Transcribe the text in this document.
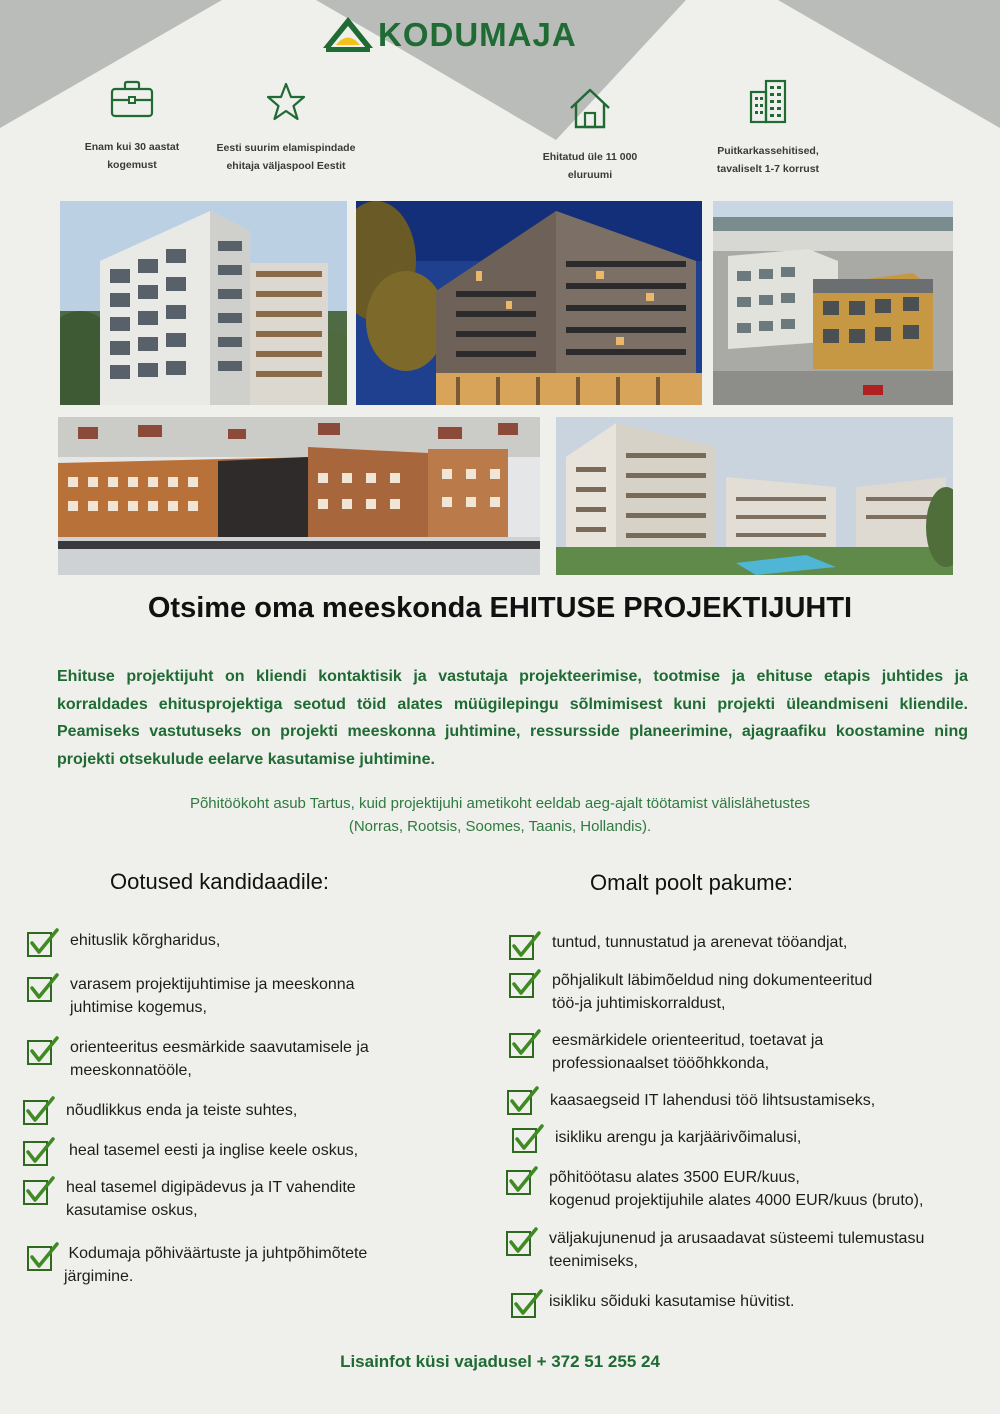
KODUMAJA
Enam kui 30 aastat
kogemust
Eesti suurim elamispindade
ehitaja väljaspool Eestit
Ehitatud üle 11 000
eluruumi
Puitkarkassehitised,
tavaliselt 1-7 korrust
Otsime oma meeskonda EHITUSE PROJEKTIJUHTI
Ehituse projektijuht on kliendi kontaktisik ja vastutaja projekteerimise, tootmise ja ehituse etapis juhtides ja korraldades ehitusprojektiga seotud töid alates müügilepingu sõlmimisest kuni projekti üleandmiseni kliendile. Peamiseks vastutuseks on projekti meeskonna juhtimine, ressursside planeerimine, ajagraafiku koostamine ning projekti otsekulude eelarve kasutamise juhtimine.
Põhitöökoht asub Tartus, kuid projektijuhi ametikoht eeldab aeg-ajalt töötamist välislähetustes
(Norras, Rootsis, Soomes, Taanis, Hollandis).
Ootused kandidaadile:	Omalt poolt pakume:
ehituslik kõrgharidus,
varasem projektijuhtimise ja meeskonna
juhtimise kogemus,
orienteeritus eesmärkide saavutamisele ja
meeskonnatööle,
nõudlikkus enda ja teiste suhtes,
heal tasemel eesti ja inglise keele oskus,
heal tasemel digipädevus ja IT vahendite
kasutamise oskus,
Kodumaja põhiväärtuste ja juhtpõhimõtete
järgimine.
tuntud, tunnustatud ja arenevat tööandjat,
põhjalikult läbimõeldud ning dokumenteeritud
töö-ja juhtimiskorraldust,
eesmärkidele orienteeritud, toetavat ja
professionaalset tööõhkkonda,
kaasaegseid IT lahendusi töö lihtsustamiseks,
isikliku arengu ja karjäärivõimalusi,
põhitöötasu alates 3500 EUR/kuus,
kogenud projektijuhile alates 4000 EUR/kuus (bruto),
väljakujunenud ja arusaadavat süsteemi tulemustasu
teenimiseks,
isikliku sõiduki kasutamise hüvitist.
Lisainfot küsi vajadusel + 372 51 255 24
